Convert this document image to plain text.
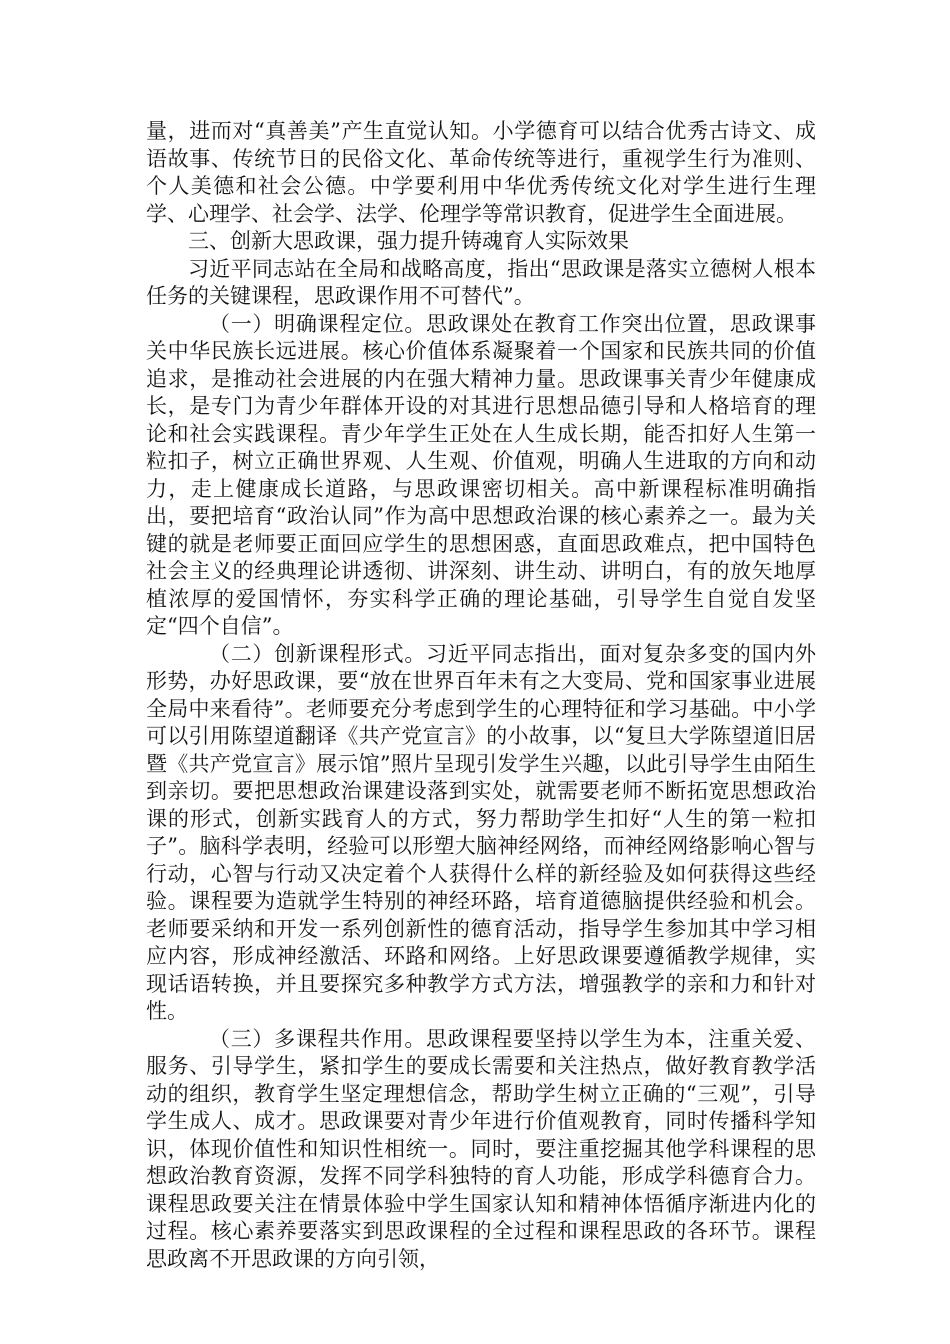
量，进而对“真善美”产生直觉认知。小学德育可以结合优秀古诗文、成语故事、传统节日的民俗文化、革命传统等进行，重视学生行为准则、个人美德和社会公德。中学要利用中华优秀传统文化对学生进行生理学、心理学、社会学、法学、伦理学等常识教育，促进学生全面进展。

三、创新大思政课，强力提升铸魂育人实际效果

习近平同志站在全局和战略高度，指出“思政课是落实立德树人根本任务的关键课程，思政课作用不可替代”。

（一）明确课程定位。思政课处在教育工作突出位置，思政课事关中华民族长远进展。核心价值体系凝聚着一个国家和民族共同的价值追求，是推动社会进展的内在强大精神力量。思政课事关青少年健康成长，是专门为青少年群体开设的对其进行思想品德引导和人格培育的理论和社会实践课程。青少年学生正处在人生成长期，能否扣好人生第一粒扣子，树立正确世界观、人生观、价值观，明确人生进取的方向和动力，走上健康成长道路，与思政课密切相关。高中新课程标准明确指出，要把培育“政治认同”作为高中思想政治课的核心素养之一。最为关键的就是老师要正面回应学生的思想困惑，直面思政难点，把中国特色社会主义的经典理论讲透彻、讲深刻、讲生动、讲明白，有的放矢地厚植浓厚的爱国情怀，夯实科学正确的理论基础，引导学生自觉自发坚定“四个自信”。

（二）创新课程形式。习近平同志指出，面对复杂多变的国内外形势，办好思政课，要“放在世界百年未有之大变局、党和国家事业进展全局中来看待”。老师要充分考虑到学生的心理特征和学习基础。中小学可以引用陈望道翻译《共产党宣言》的小故事，以“复旦大学陈望道旧居暨《共产党宣言》展示馆”照片呈现引发学生兴趣，以此引导学生由陌生到亲切。要把思想政治课建设落到实处，就需要老师不断拓宽思想政治课的形式，创新实践育人的方式，努力帮助学生扣好“人生的第一粒扣子”。脑科学表明，经验可以形塑大脑神经网络，而神经网络影响心智与行动，心智与行动又决定着个人获得什么样的新经验及如何获得这些经验。课程要为造就学生特别的神经环路，培育道德脑提供经验和机会。老师要采纳和开发一系列创新性的德育活动，指导学生参加其中学习相应内容，形成神经激活、环路和网络。上好思政课要遵循教学规律，实现话语转换，并且要探究多种教学方式方法，增强教学的亲和力和针对性。

（三）多课程共作用。思政课程要坚持以学生为本，注重关爱、服务、引导学生，紧扣学生的要成长需要和关注热点，做好教育教学活动的组织，教育学生坚定理想信念，帮助学生树立正确的“三观”，引导学生成人、成才。思政课要对青少年进行价值观教育，同时传播科学知识，体现价值性和知识性相统一。同时，要注重挖掘其他学科课程的思想政治教育资源，发挥不同学科独特的育人功能，形成学科德育合力。课程思政要关注在情景体验中学生国家认知和精神体悟循序渐进内化的过程。核心素养要落实到思政课程的全过程和课程思政的各环节。课程思政离不开思政课的方向引领，
